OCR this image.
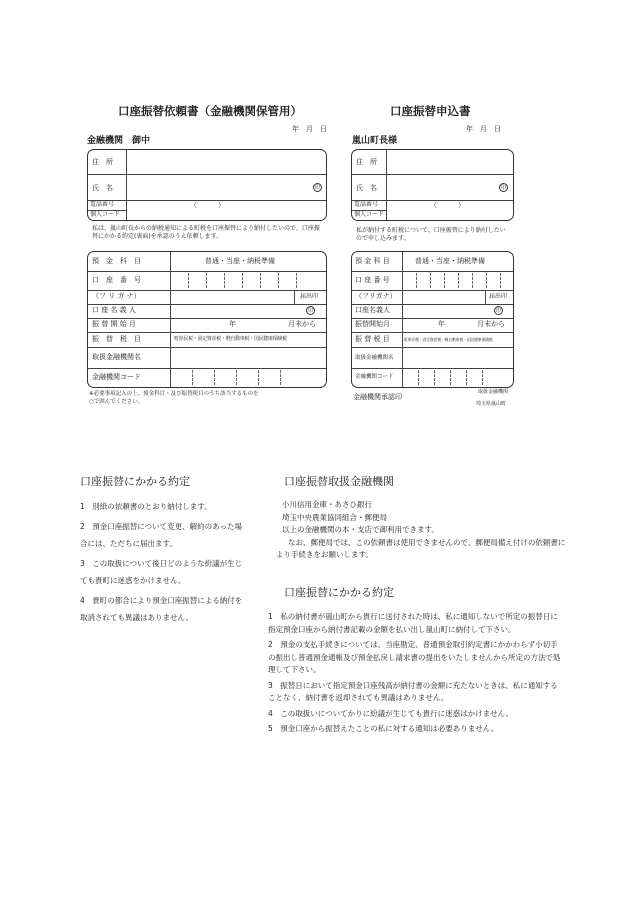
口座振替依頼書（金融機関保管用）
年　月　日
金融機関　御中
住　所
氏　名	印
電話番号	（　　　）
個人コード
私は、嵐山町長からの納税通知による町税を口座振替により納付したいので、口座振替にかかる約定(裏面)を承認のうえ依頼します。
預　金　科　目	普通・当座・納税準備
口　座　番　号
（フ リ ガ ナ）	届出印
口 座 名 義 人	印
振 替 開 始 月	年	月末から
振　替　税　目	町県民税・固定資産税・軽自動車税・国民健康保険税
取扱金融機関名
金融機関コード
※必要事項記入の上、預金科目・及び振替税目のうち該当するものを○で囲んでください。
口座振替申込書
年　月　日
嵐山町長様
住　所
氏　名	印
電話番号	（　　　）
個人コード
私が納付する町税について、口座振替により納付したいので申し込みます。
預 金 科 目	普通・当座・納税準備
口 座 番 号
（フリガナ）	届出印
口座名義人	印
振替開始月	年	月末から
振 替 税 目	町県民税・固定資産税・軽自動車税・国民健康保険税
取扱金融機関名
金融機関コード
金融機関承認印
取扱金融機関
埼玉県嵐山町
口座振替にかかる約定
1　別紙の依頼書のとおり納付します。
2　預金口座振替について変更、解約のあった場合には、ただちに届出ます。
3　この取扱について後日どのような紛議が生じても貴町に迷惑をかけません。
4　貴町の都合により預金口座振替による納付を取消されても異議はありません。
口座振替取扱金融機関
小川信用金庫・あさひ銀行
埼玉中央農業協同組合・郵便局
以上の金融機関の本・支店で御利用できます。
なお、郵便局では、この依頼書は使用できませんので、郵便局備え付けの依頼書により手続きをお願いします。
口座振替にかかる約定
1　私の納付書が嵐山町から貴行に送付された時は、私に通知しないで所定の振替日に指定預金口座から納付書記載の金額を払い出し嵐山町に納付して下さい。
2　預金の支払手続きについては、当座勘定、普通預金取引約定書にかかわらず小切手の振出し普通預金通帳及び預金払戻し請求書の提出をいたしませんから所定の方法で処理して下さい。
3　振替日において指定預金口座残高が納付書の金額に充たないときは、私に通知することなく、納付書を返却されても異議はありません。
4　この取扱いについてかりに紛議が生じても貴行に迷惑はかけません。
5　預金口座から振替えたことの私に対する通知は必要ありません。
